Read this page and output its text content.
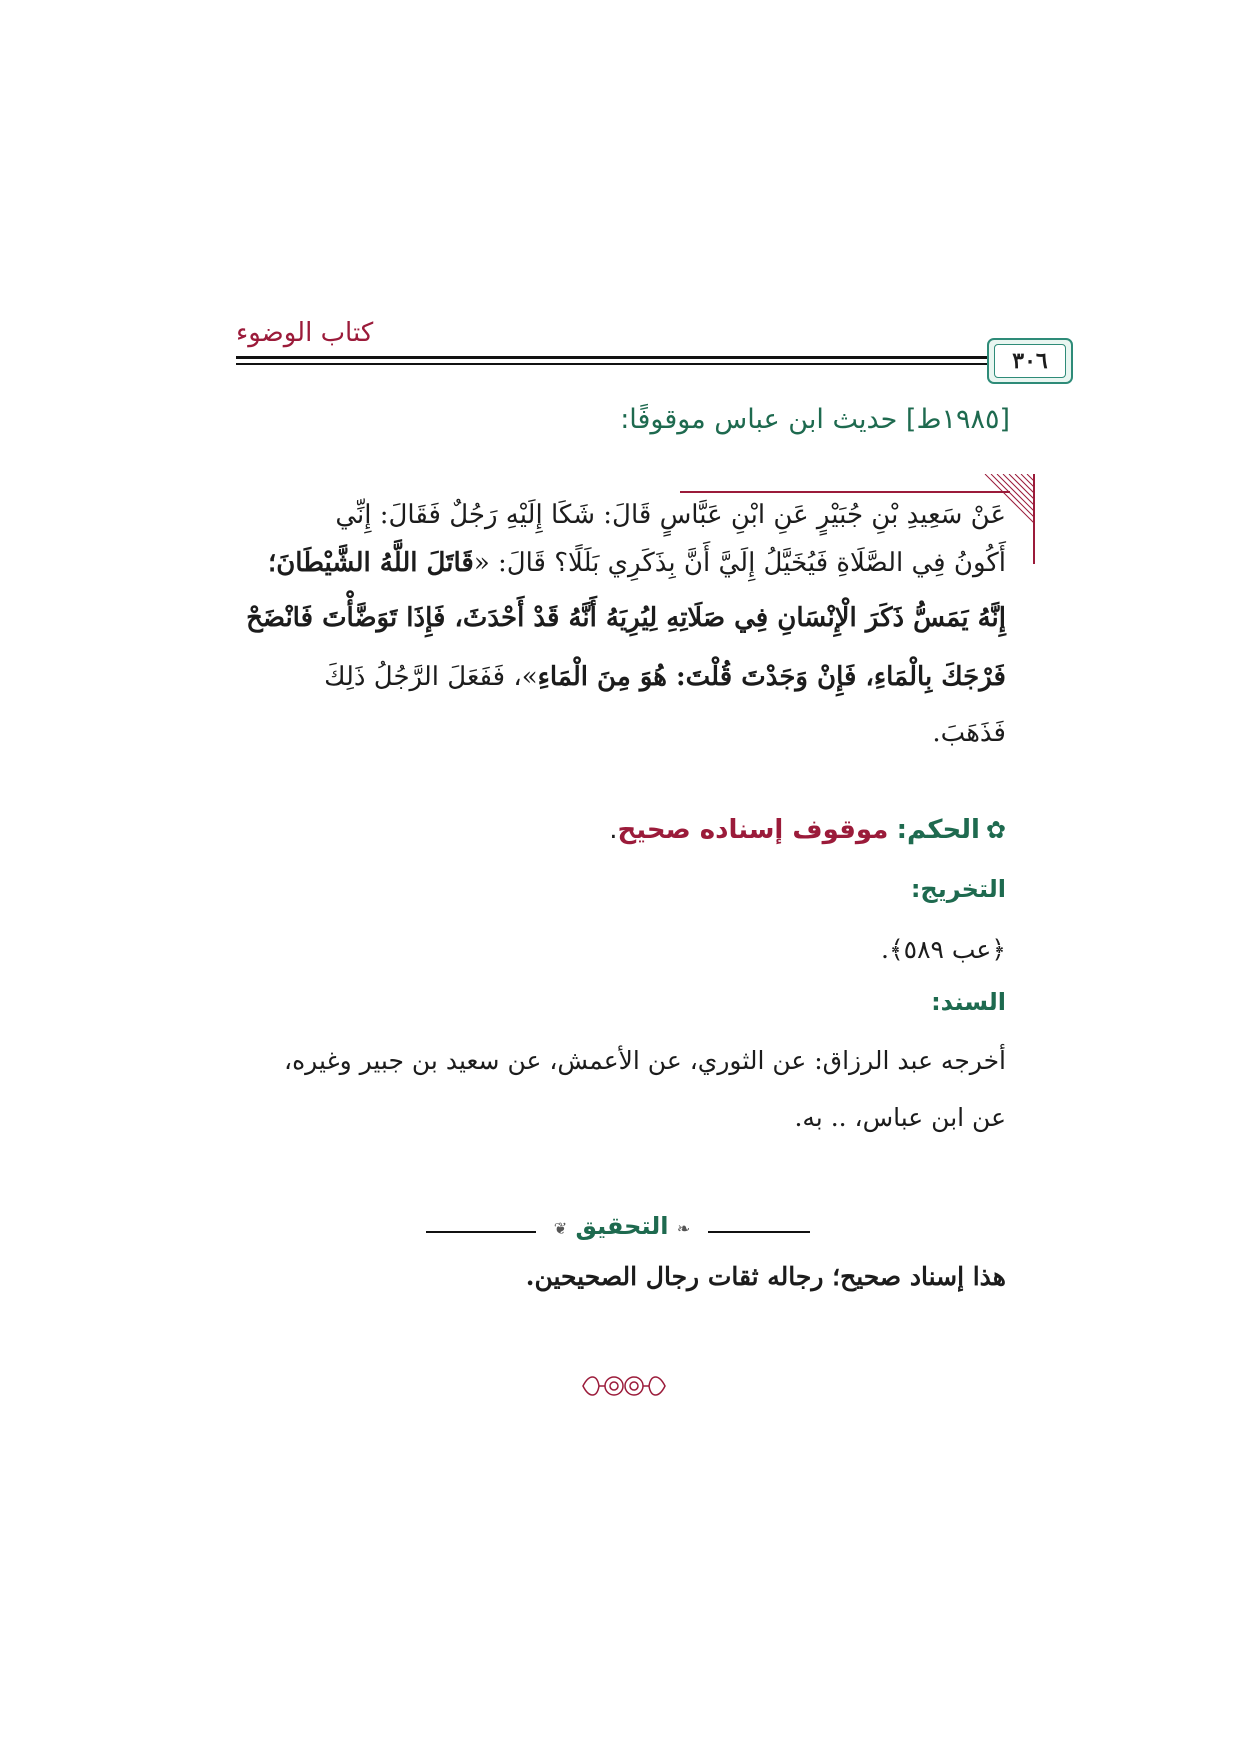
كتاب الوضوء
٣٠٦
[١٩٨٥ط] حديث ابن عباس موقوفًا:
عَنْ سَعِيدِ بْنِ جُبَيْرٍ عَنِ ابْنِ عَبَّاسٍ قَالَ: شَكَا إِلَيْهِ رَجُلٌ فَقَالَ: إِنِّي
أَكُونُ فِي الصَّلَاةِ فَيُخَيَّلُ إِلَيَّ أَنَّ بِذَكَرِي بَلَلًا؟ قَالَ: «قَاتَلَ اللَّهُ الشَّيْطَانَ؛
إِنَّهُ يَمَسُّ ذَكَرَ الْإِنْسَانِ فِي صَلَاتِهِ لِيُرِيَهُ أَنَّهُ قَدْ أَحْدَثَ، فَإِذَا تَوَضَّأْتَ فَانْضَحْ
فَرْجَكَ بِالْمَاءِ، فَإِنْ وَجَدْتَ قُلْتَ: هُوَ مِنَ الْمَاءِ»، فَفَعَلَ الرَّجُلُ ذَلِكَ
فَذَهَبَ.
✿الحكم: موقوف إسناده صحيح.
التخريج:
﴿عب ٥٨٩﴾.
السند:
أخرجه عبد الرزاق: عن الثوري، عن الأعمش، عن سعيد بن جبير وغيره،
عن ابن عباس، .. به.
❧ التحقيق ❦
هذا إسناد صحيح؛ رجاله ثقات رجال الصحيحين.
